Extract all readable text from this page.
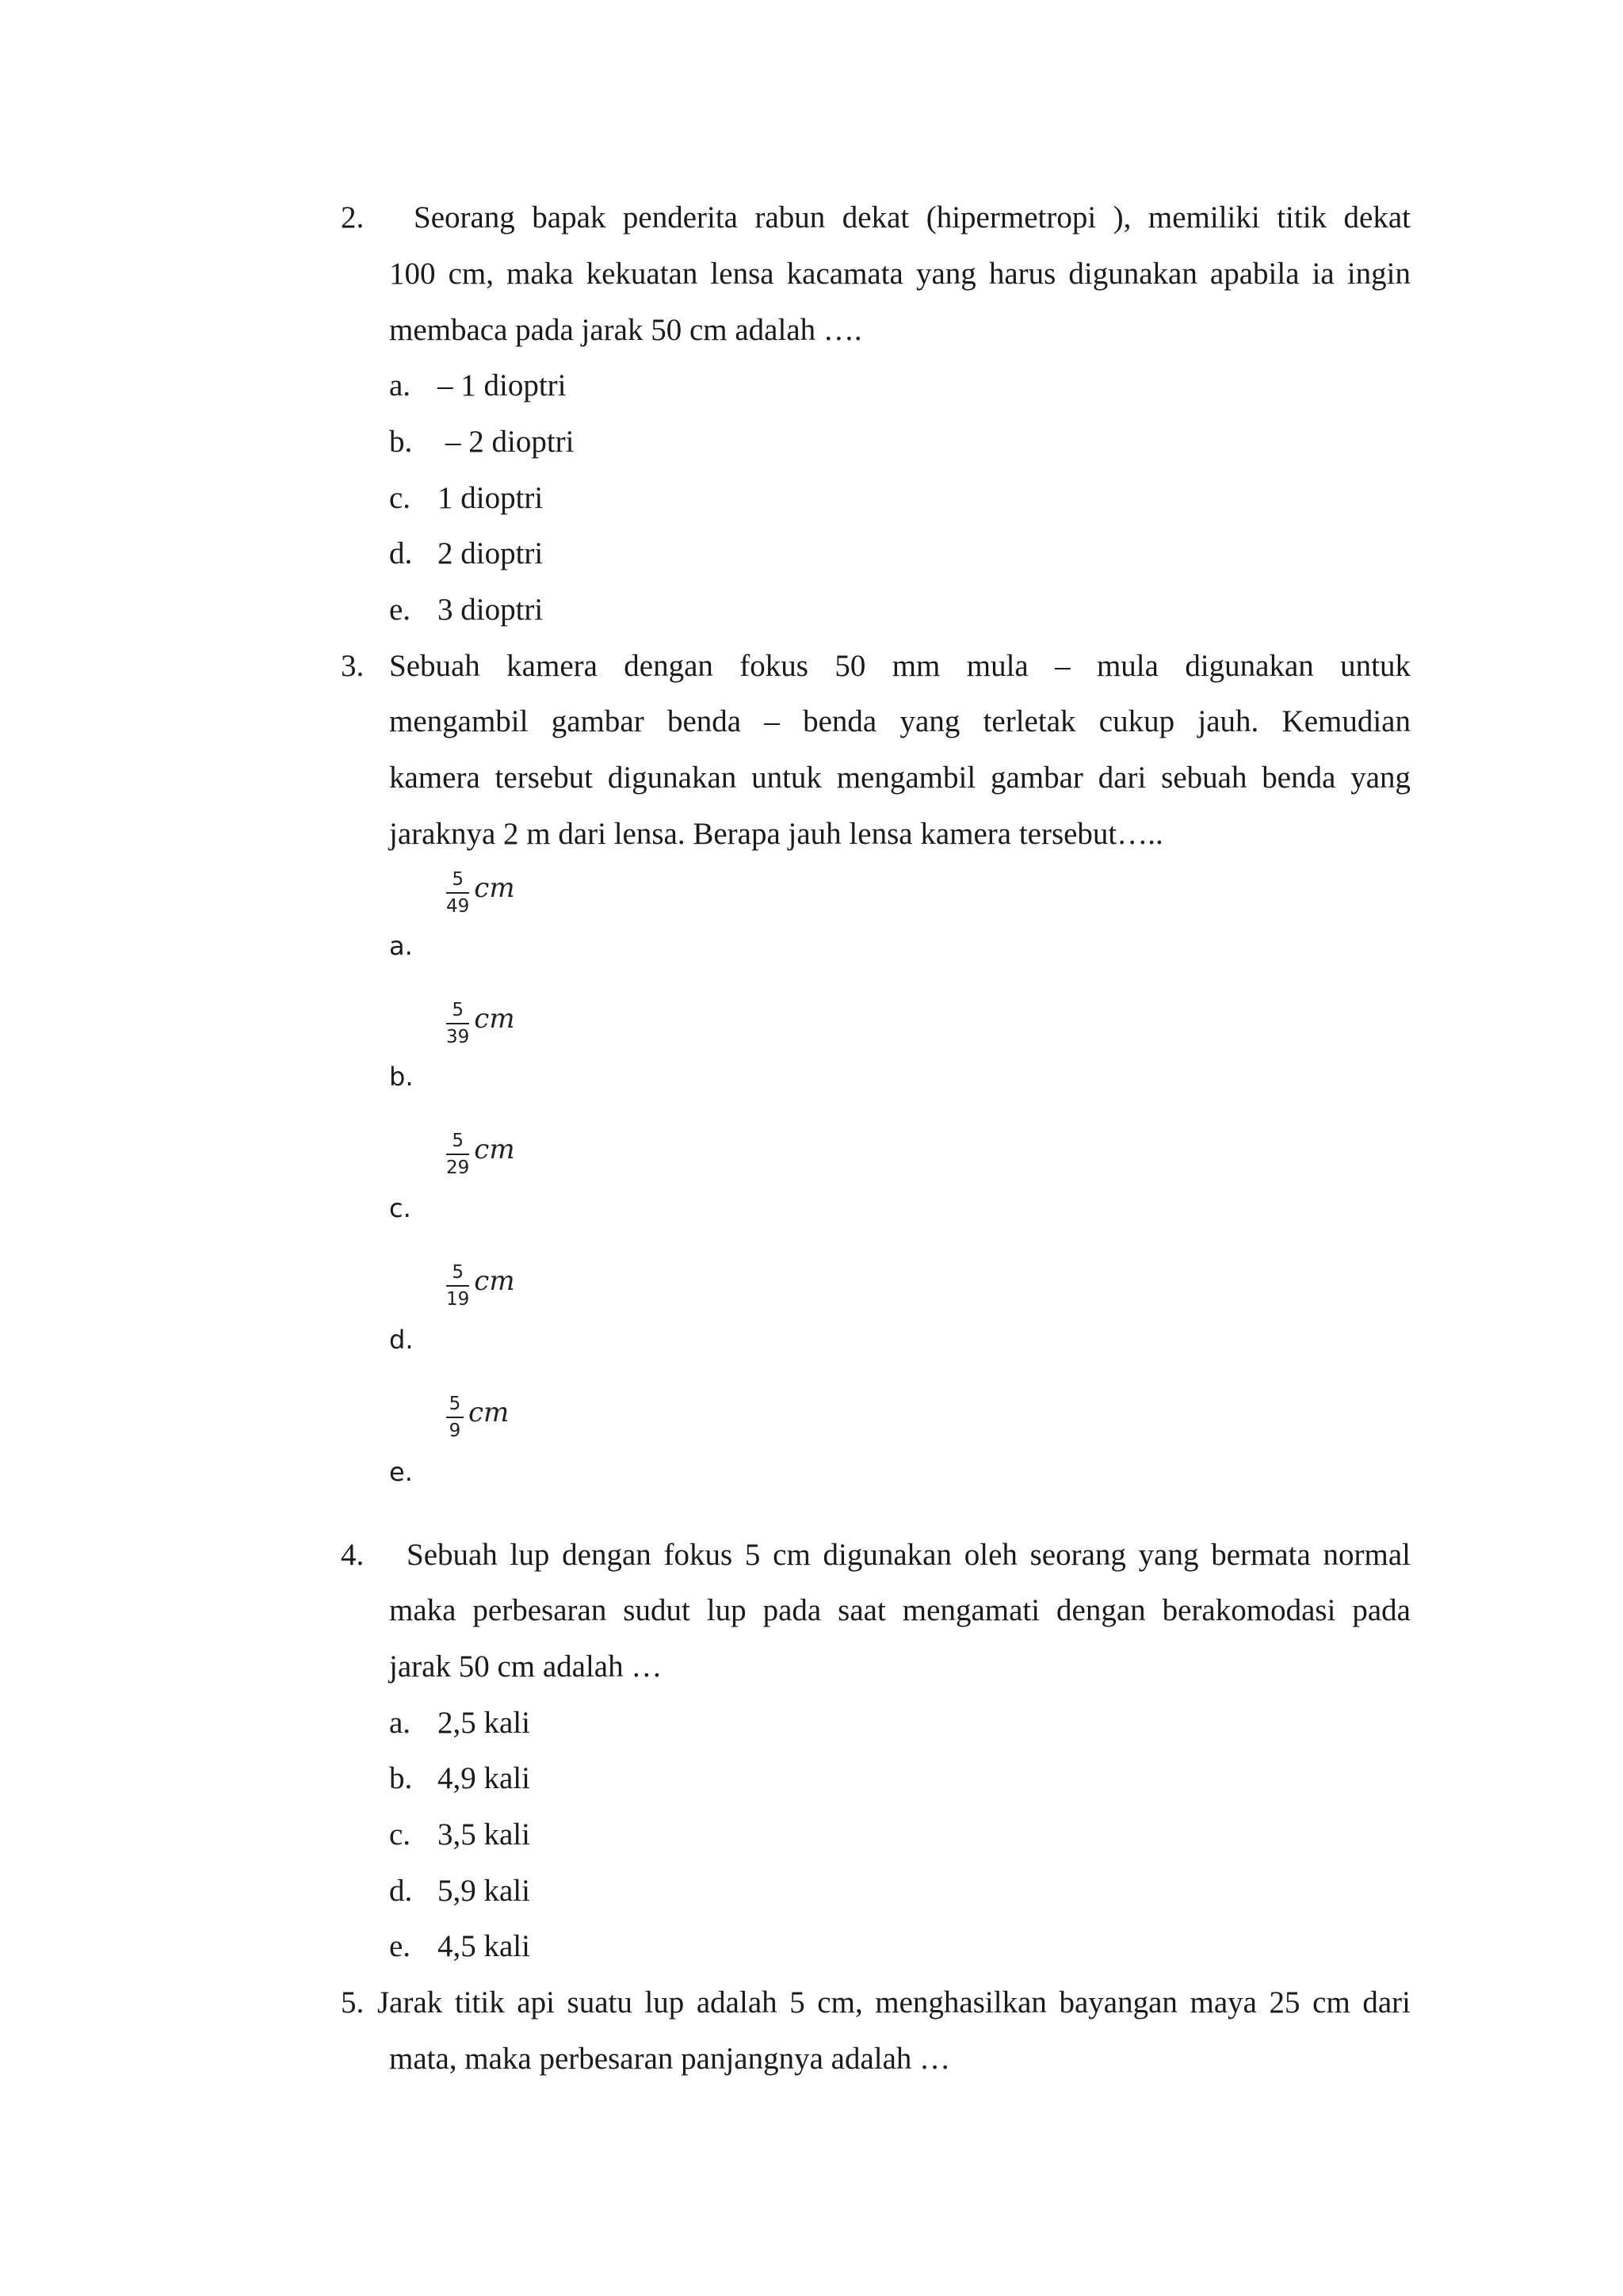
2. Seorang bapak penderita rabun dekat (hipermetropi ), memiliki titik dekat
100 cm, maka kekuatan lensa kacamata yang harus digunakan apabila ia ingin
membaca pada jarak 50 cm adalah ….
a. – 1 dioptri
b. – 2 dioptri
c. 1 dioptri
d. 2 dioptri
e. 3 dioptri
3. Sebuah kamera dengan fokus 50 mm mula – mula digunakan untuk
mengambil gambar benda – benda yang terletak cukup jauh. Kemudian
kamera tersebut digunakan untuk mengambil gambar dari sebuah benda yang
jaraknya 2 m dari lensa. Berapa jauh lensa kamera tersebut…..
$\frac{5}{49}$ cm
a.
$\frac{5}{39}$ cm
b.
$\frac{5}{29}$ cm
c.
$\frac{5}{19}$ cm
d.
$\frac{5}{9}$ cm
e.
4. Sebuah lup dengan fokus 5 cm digunakan oleh seorang yang bermata normal
maka perbesaran sudut lup pada saat mengamati dengan berakomodasi pada
jarak 50 cm adalah …
a. 2,5 kali
b. 4,9 kali
c. 3,5 kali
d. 5,9 kali
e. 4,5 kali
5. Jarak titik api suatu lup adalah 5 cm, menghasilkan bayangan maya 25 cm dari
mata, maka perbesaran panjangnya adalah …
